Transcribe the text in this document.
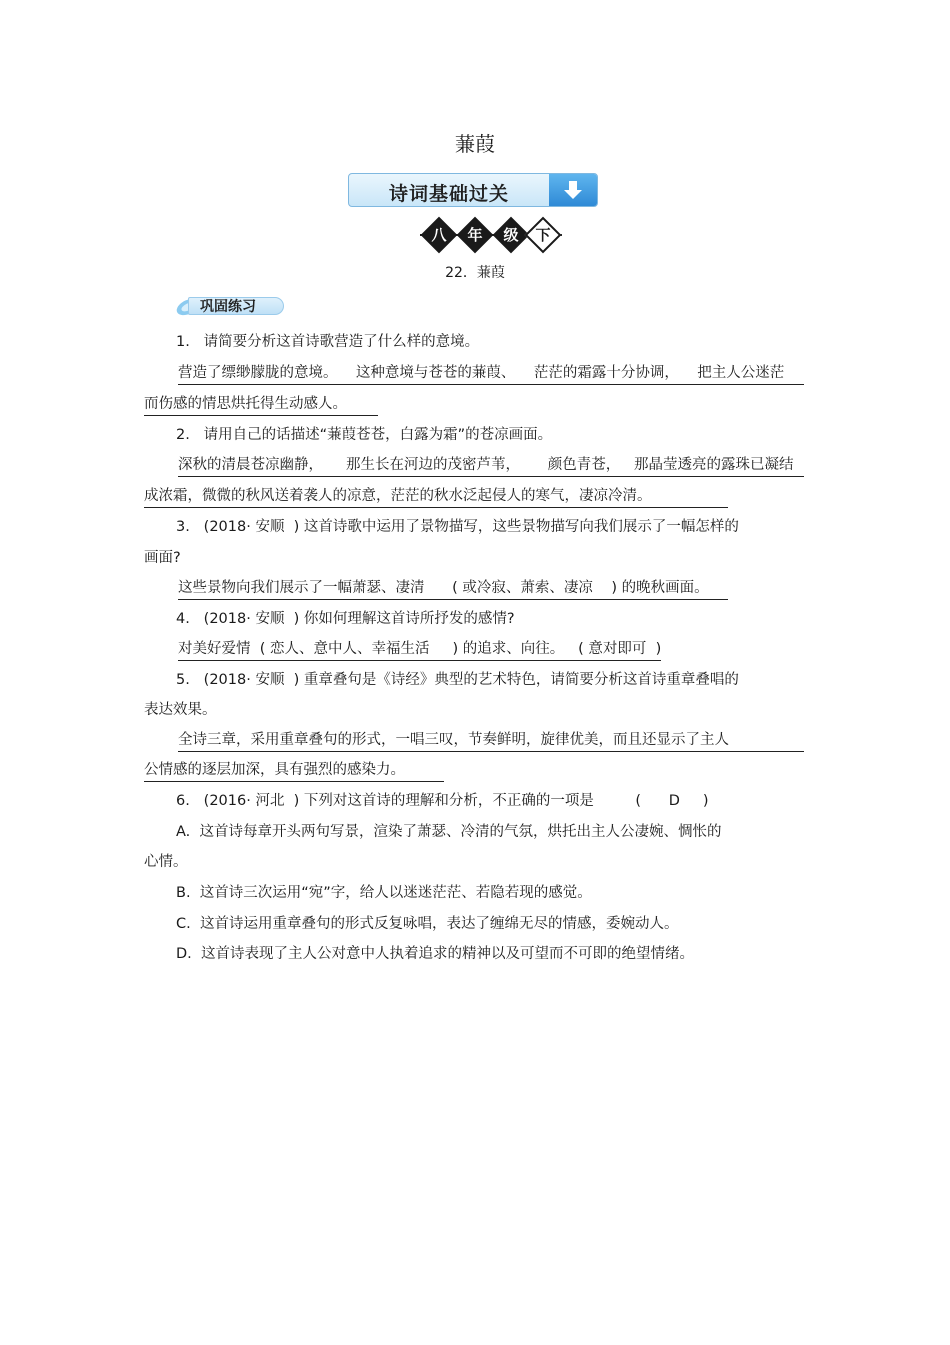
蒹葭
诗词基础过关
八	年	级	下
22．蒹葭
巩固练习
1.   请简要分析这首诗歌营造了什么样的意境。
营造了缥缈朦胧的意境。    这种意境与苍苍的蒹葭、    茫茫的霜露十分协调，    把主人公迷茫
而伤感的情思烘托得生动感人。
2.   请用自己的话描述“蒹葭苍苍，白露为霜”的苍凉画面。
深秋的清晨苍凉幽静，     那生长在河边的茂密芦苇，      颜色青苍，   那晶莹透亮的露珠已凝结
成浓霜，微微的秋风送着袭人的凉意，茫茫的秋水泛起侵人的寒气，凄凉冷清。
3.   (2018· 安顺  ) 这首诗歌中运用了景物描写，这些景物描写向我们展示了一幅怎样的
画面?
这些景物向我们展示了一幅萧瑟、凄清      ( 或冷寂、萧索、凄凉    ) 的晚秋画面。
4.   (2018· 安顺  ) 你如何理解这首诗所抒发的感情?
对美好爱情  ( 恋人、意中人、幸福生活     ) 的追求、向往。   ( 意对即可  )
5.   (2018· 安顺  ) 重章叠句是《诗经》典型的艺术特色，请简要分析这首诗重章叠唱的
表达效果。
全诗三章，采用重章叠句的形式，一唱三叹，节奏鲜明，旋律优美，而且还显示了主人
公情感的逐层加深，具有强烈的感染力。
6.   (2016· 河北  ) 下列对这首诗的理解和分析，不正确的一项是         (      D     )
A.  这首诗每章开头两句写景，渲染了萧瑟、冷清的气氛，烘托出主人公凄婉、惆怅的
心情。
B.  这首诗三次运用“宛”字，给人以迷迷茫茫、若隐若现的感觉。
C.  这首诗运用重章叠句的形式反复咏唱，表达了缠绵无尽的情感，委婉动人。
D.  这首诗表现了主人公对意中人执着追求的精神以及可望而不可即的绝望情绪。
